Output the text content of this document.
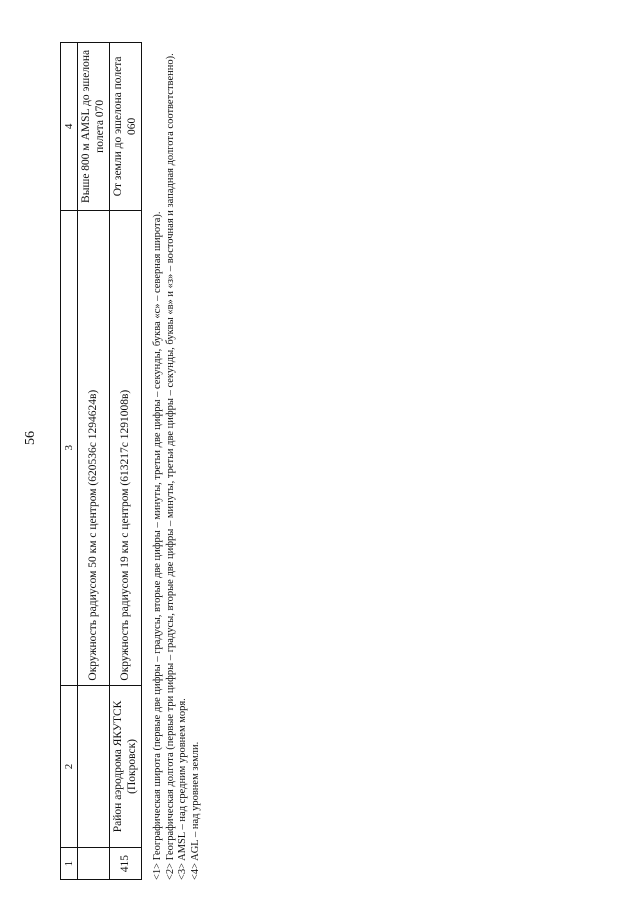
56
1	2	3	4
		Окружность радиусом 50 км с центром (620536с 1294624в)	Выше 800 м AMSL до эшелона полета 070
415	Район аэродрома ЯКУТСК (Покровск)	Окружность радиусом 19 км с центром (613217с 1291008в)	От земли до эшелона полета 060
<1> Географическая широта (первые две цифры – градусы, вторые две цифры – минуты, третьи две цифры – секунды, буква «с» – северная широта). <2> Географическая долгота (первые три цифры – градусы, вторые две цифры – минуты, третьи две цифры – секунды, буквы «в» и «з» – восточная и западная долгота соответственно). <3> AMSL – над средним уровнем моря. <4> AGL – над уровнем земли.
